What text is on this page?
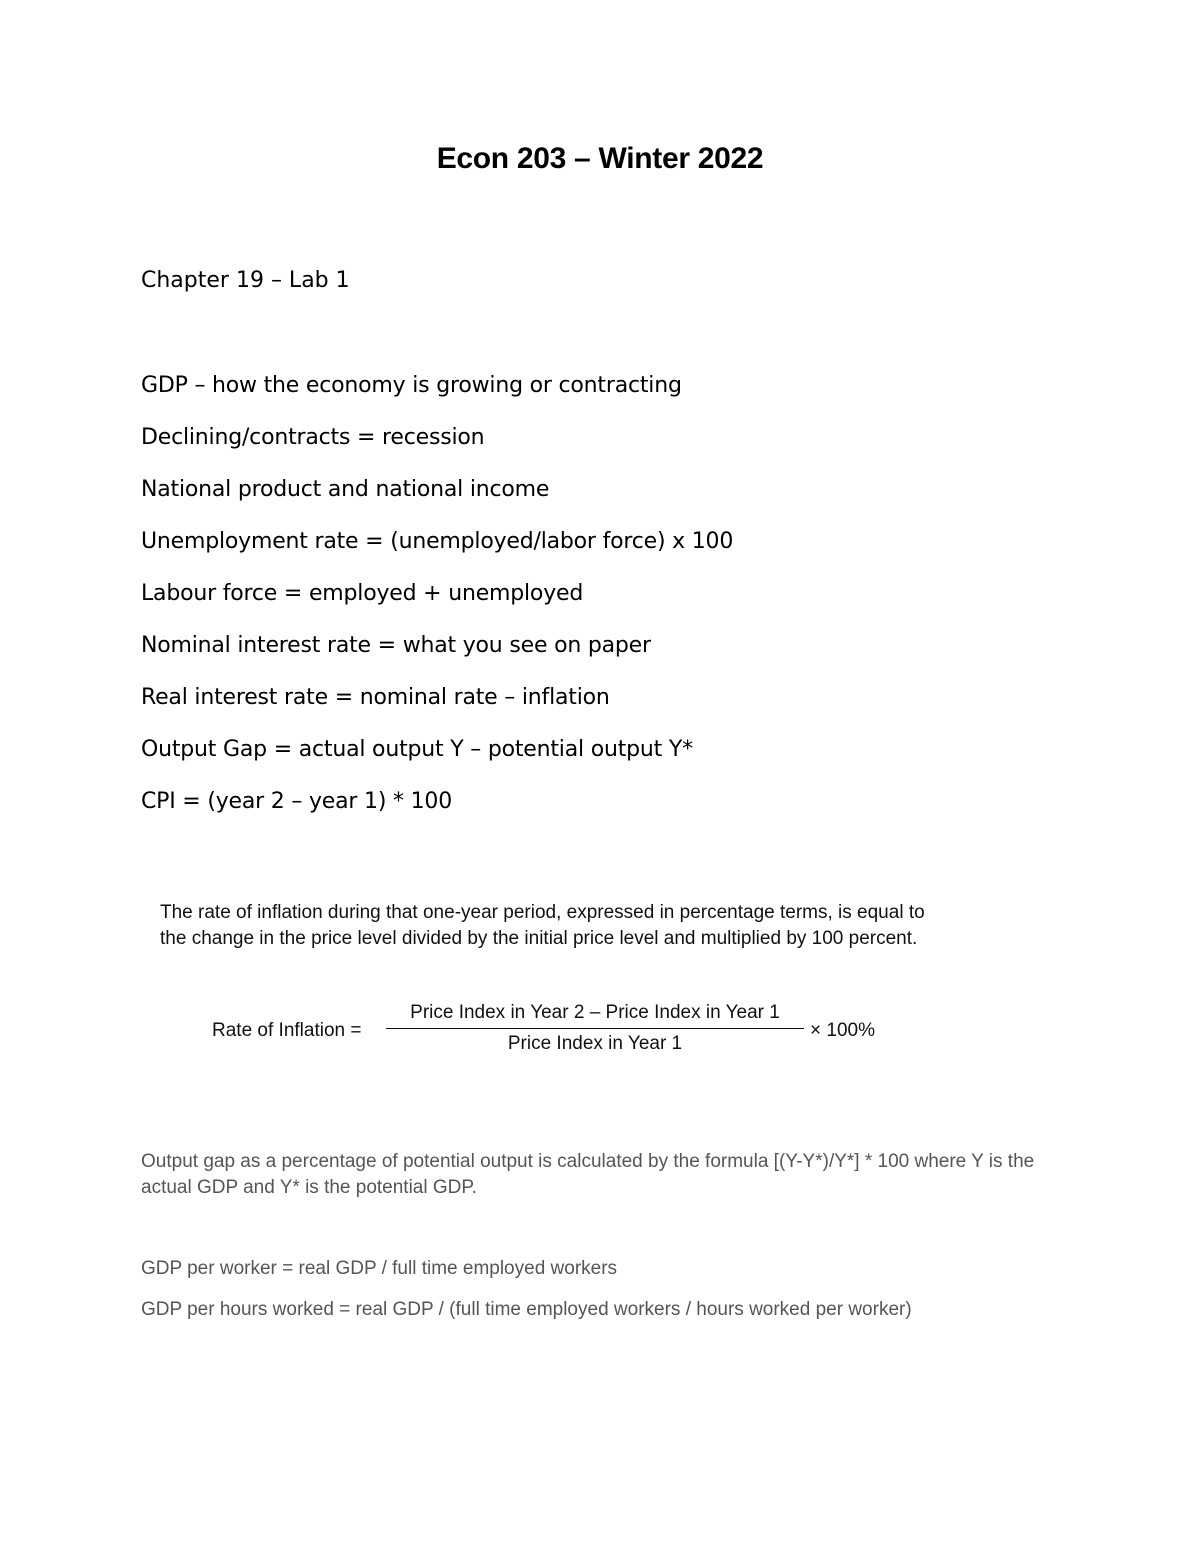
Econ 203 – Winter 2022
Chapter 19 – Lab 1
GDP – how the economy is growing or contracting
Declining/contracts = recession
National product and national income
Unemployment rate = (unemployed/labor force) x 100
Labour force = employed + unemployed
Nominal interest rate = what you see on paper
Real interest rate = nominal rate – inflation
Output Gap = actual output Y – potential output Y*
CPI = (year 2 – year 1) * 100
The rate of inflation during that one-year period, expressed in percentage terms, is equal to the change in the price level divided by the initial price level and multiplied by 100 percent.
Rate of Inflation =
Price Index in Year 2 – Price Index in Year 1
Price Index in Year 1
× 100%
Output gap as a percentage of potential output is calculated by the formula [(Y-Y*)/Y*] * 100 where Y is the actual GDP and Y* is the potential GDP.
GDP per worker = real GDP / full time employed workers
GDP per hours worked = real GDP / (full time employed workers / hours worked per worker)
